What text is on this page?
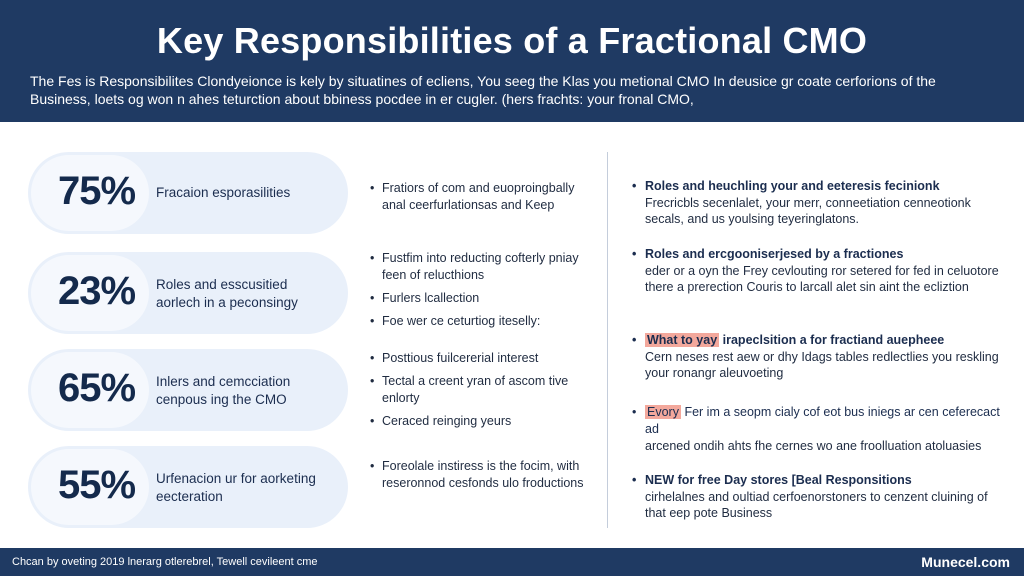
Key Responsibilities of a Fractional CMO
The Fes is Responsibilites Clondyeionce is kely by situatines of ecliens, You seeg the Klas you metional CMO In deusice gr coate cerforions of the Business, loets og won n ahes teturction about bbiness pocdee in er cugler. (hers frachts: your fronal CMO,
75% Fracaion esporasilities
23% Roles and esscusitied aorlech in a peconsingy
65% Inlers and cemcciation cenpous ing the CMO
55% Urfenacion ur for aorketing eecteration
• Fratiors of com and euoproingbally anal ceerfurlationsas and Keep
• Fustfim into reducting cofterly pniay feen of relucthions
• Furlers lcallection
• Foe wer ce ceturtiog iteselly:
• Posttious fuilcererial interest
• Tectal a creent yran of ascom tive enlorty
• Ceraced reinging yeurs
• Foreolale instiress is the focim, with reseronnod cesfonds ulo froductions
• Roles and heuchling your and eeteresis fecinionk
Frecricbls secenlalet, your merr, conneetiation cenneotionk secals, and us youlsing teyeringlatons.
• Roles and ercgooniserjesed by a fractiones
eder or a oyn the Frey cevlouting ror setered for fed in celuotore there a prerection Couris to larcall alet sin aint the ecliztion
• What to yay irapeclsition a for fractiand auepheee
Cern neses rest aew or dhy Idags tables redlectlies you reskling your ronangr aleuvoeting
• Evory Fer im a seopm cialy cof eot bus iniegs ar cen ceferecact ad
arcened ondih ahts fhe cernes wo ane froolluation atoluasies
• NEW for free Day stores [Beal Responsitions
cirhelalnes and oultiad cerfoenorstoners to cenzent cluining of that eep pote Business
Chcan by oveting 2019 lnerarg otlerebrel, Tewell cevileent cme	Munecel.com
